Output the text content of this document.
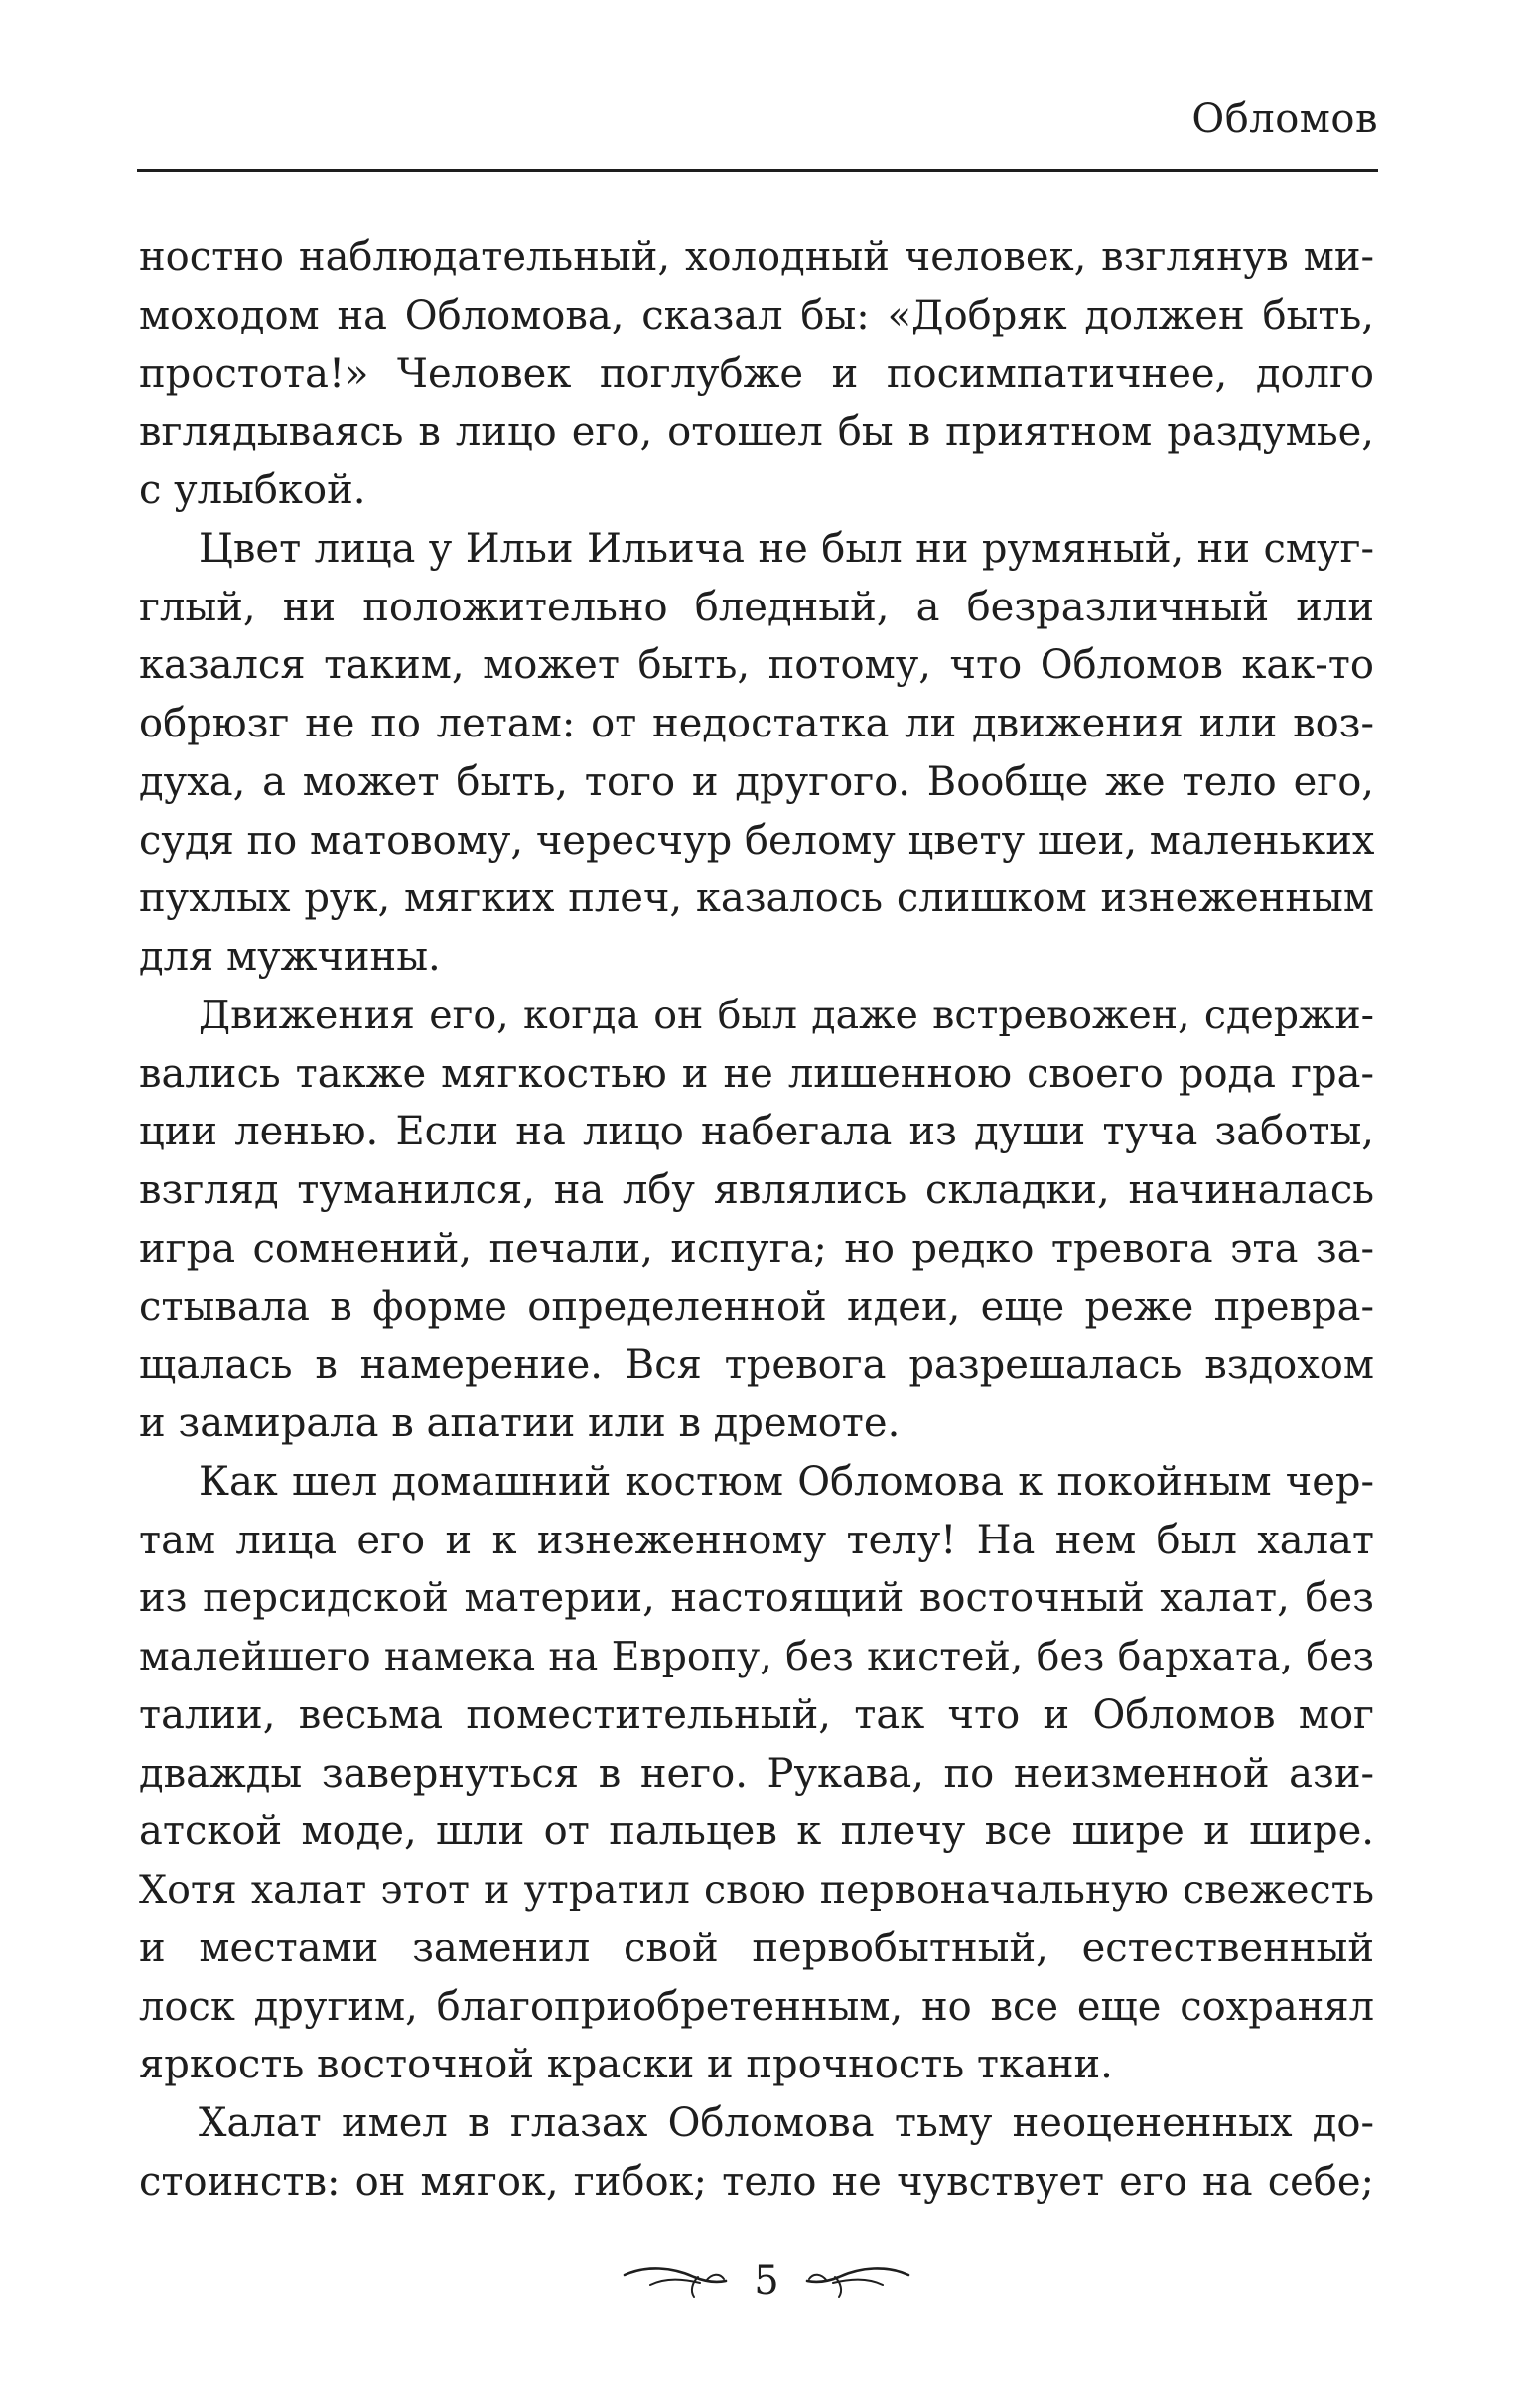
Обломов
ностно наблюдательный, холодный человек, взглянув ми-
моходом на Обломова, сказал бы: «Добряк должен быть,
простота!» Человек поглубже и посимпатичнее, долго
вглядываясь в лицо его, отошел бы в приятном раздумье,
с улыбкой.
Цвет лица у Ильи Ильича не был ни румяный, ни смуг-
глый, ни положительно бледный, а безразличный или
казался таким, может быть, потому, что Обломов как-то
обрюзг не по летам: от недостатка ли движения или воз-
духа, а может быть, того и другого. Вообще же тело его,
судя по матовому, чересчур белому цвету шеи, маленьких
пухлых рук, мягких плеч, казалось слишком изнеженным
для мужчины.
Движения его, когда он был даже встревожен, сдержи-
вались также мягкостью и не лишенною своего рода гра-
ции ленью. Если на лицо набегала из души туча заботы,
взгляд туманился, на лбу являлись складки, начиналась
игра сомнений, печали, испуга; но редко тревога эта за-
стывала в форме определенной идеи, еще реже превра-
щалась в намерение. Вся тревога разрешалась вздохом
и замирала в апатии или в дремоте.
Как шел домашний костюм Обломова к покойным чер-
там лица его и к изнеженному телу! На нем был халат
из персидской материи, настоящий восточный халат, без
малейшего намека на Европу, без кистей, без бархата, без
талии, весьма поместительный, так что и Обломов мог
дважды завернуться в него. Рукава, по неизменной ази-
атской моде, шли от пальцев к плечу все шире и шире.
Хотя халат этот и утратил свою первоначальную свежесть
и местами заменил свой первобытный, естественный
лоск другим, благоприобретенным, но все еще сохранял
яркость восточной краски и прочность ткани.
Халат имел в глазах Обломова тьму неоцененных до-
стоинств: он мягок, гибок; тело не чувствует его на себе;
5
